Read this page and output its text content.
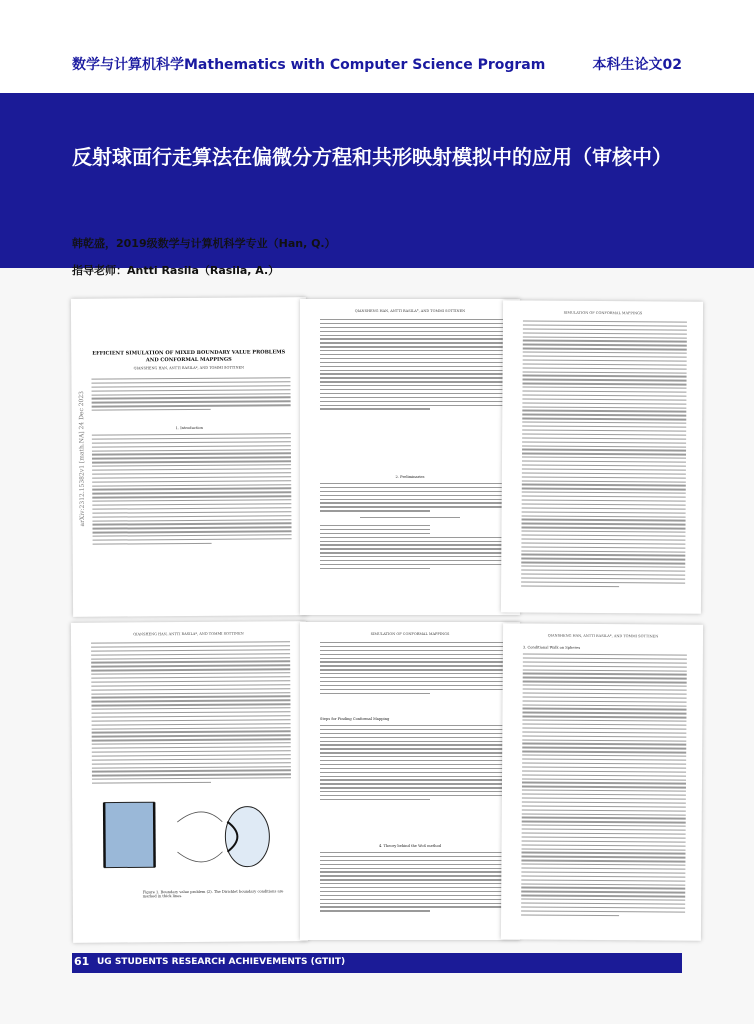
数学与计算机科学Mathematics with Computer Science Program	本科生论文02
反射球面行走算法在偏微分方程和共形映射模拟中的应用（审核中）
韩乾盛，2019级数学与计算机科学专业（Han, Q.）
指导老师：Antti Rasila（Rasila, A.）
arXiv:2312.15382v1 [math.NA] 24 Dec 2023
EFFICIENT SIMULATION OF MIXED BOUNDARY VALUE PROBLEMS AND CONFORMAL MAPPINGS
QIANSHENG HAN, ANTTI RASILA*, AND TOMMI SOTTINEN
1. Introduction
QIANSHENG HAN, ANTTI RASILA*, AND TOMMI SOTTINEN
2. Preliminaries
SIMULATION OF CONFORMAL MAPPINGS
QIANSHENG HAN, ANTTI RASILA*, AND TOMMI SOTTINEN
Figure 1. Boundary value problem (2). The Dirichlet boundary conditions are marked in thick lines.
SIMULATION OF CONFORMAL MAPPINGS
Steps for Finding Conformal Mapping
4. Theory behind the WoS method
QIANSHENG HAN, ANTTI RASILA*, AND TOMMI SOTTINEN
3. Conditional Walk on Spheres
61 UG STUDENTS RESEARCH ACHIEVEMENTS (GTIIT)
